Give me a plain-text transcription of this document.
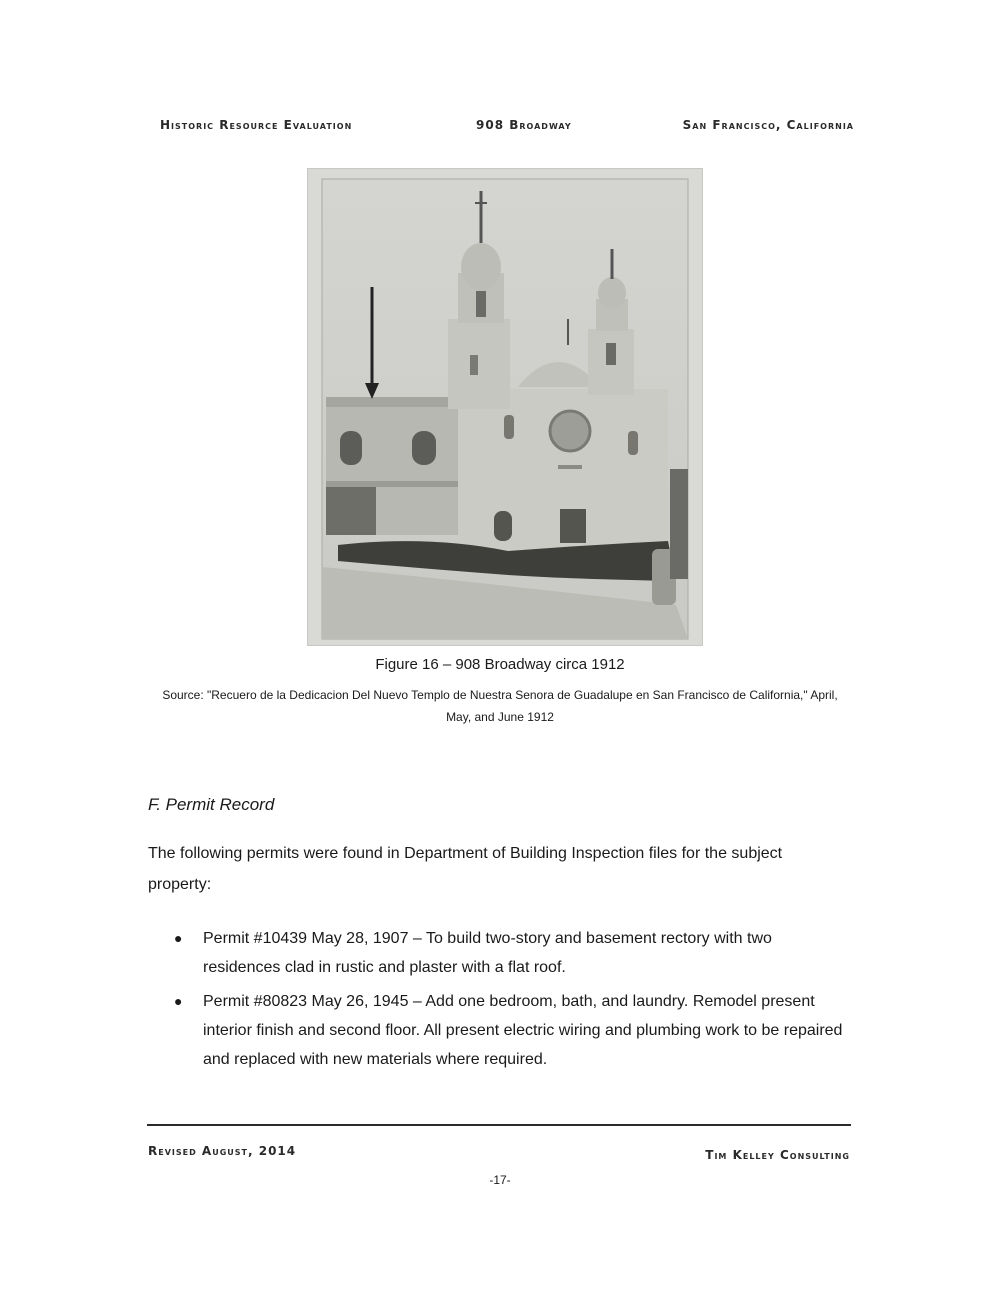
Historic Resource Evaluation	908 Broadway	San Francisco, California
Figure 16 – 908 Broadway circa 1912
Source: "Recuero de la Dedicacion Del Nuevo Templo de Nuestra Senora de Guadalupe en San Francisco de California," April, May, and June 1912
F. Permit Record
The following permits were found in Department of Building Inspection files for the subject property:
● Permit #10439 May 28, 1907 – To build two-story and basement rectory with two residences clad in rustic and plaster with a flat roof.
● Permit #80823 May 26, 1945 – Add one bedroom, bath, and laundry. Remodel present interior finish and second floor. All present electric wiring and plumbing work to be repaired and replaced with new materials where required.
Revised August, 2014	Tim Kelley Consulting
-17-
